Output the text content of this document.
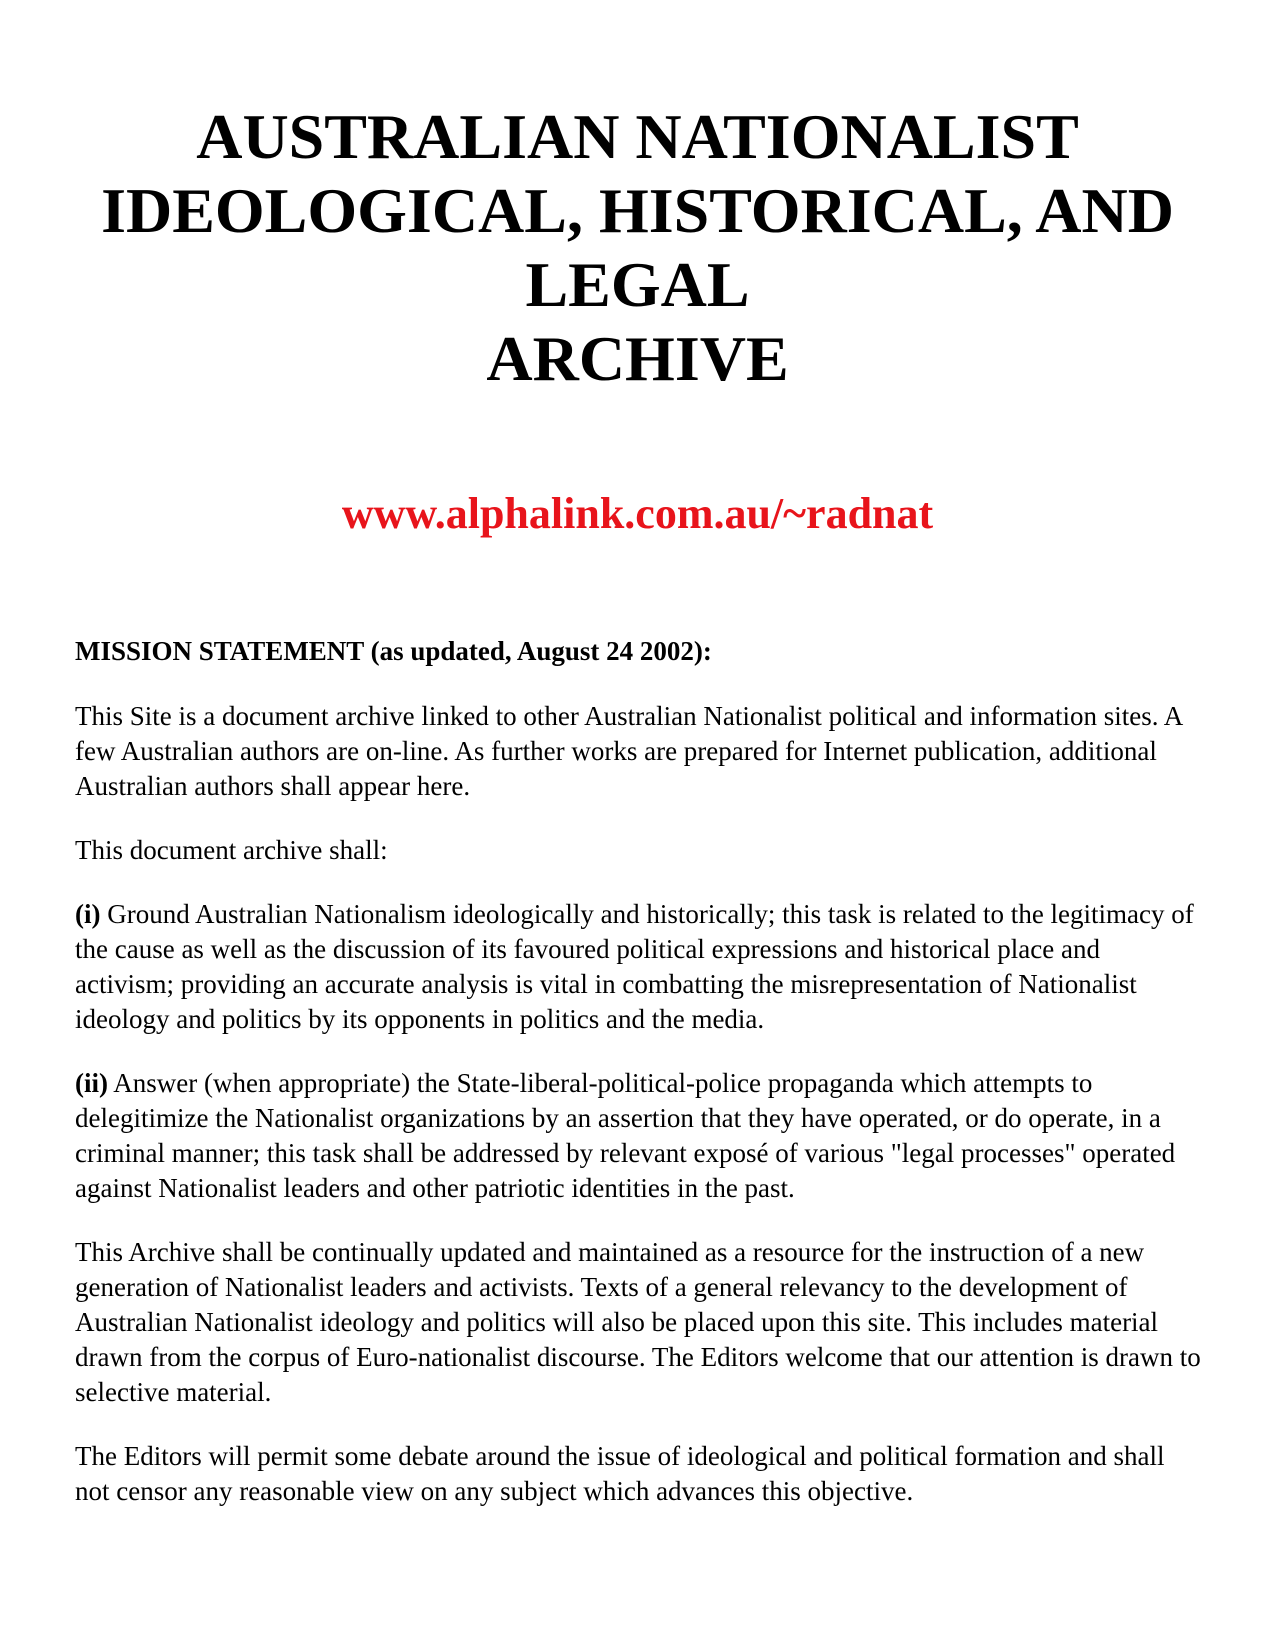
AUSTRALIAN NATIONALIST
IDEOLOGICAL, HISTORICAL, AND
LEGAL
ARCHIVE

www.alphalink.com.au/~radnat

MISSION STATEMENT (as updated, August 24 2002):

This Site is a document archive linked to other Australian Nationalist political and information sites. A few Australian authors are on-line. As further works are prepared for Internet publication, additional Australian authors shall appear here.

This document archive shall:

(i) Ground Australian Nationalism ideologically and historically; this task is related to the legitimacy of the cause as well as the discussion of its favoured political expressions and historical place and activism; providing an accurate analysis is vital in combatting the misrepresentation of Nationalist ideology and politics by its opponents in politics and the media.

(ii) Answer (when appropriate) the State-liberal-political-police propaganda which attempts to delegitimize the Nationalist organizations by an assertion that they have operated, or do operate, in a criminal manner; this task shall be addressed by relevant exposé of various "legal processes" operated against Nationalist leaders and other patriotic identities in the past.

This Archive shall be continually updated and maintained as a resource for the instruction of a new generation of Nationalist leaders and activists. Texts of a general relevancy to the development of Australian Nationalist ideology and politics will also be placed upon this site. This includes material drawn from the corpus of Euro-nationalist discourse. The Editors welcome that our attention is drawn to selective material.

The Editors will permit some debate around the issue of ideological and political formation and shall not censor any reasonable view on any subject which advances this objective.
